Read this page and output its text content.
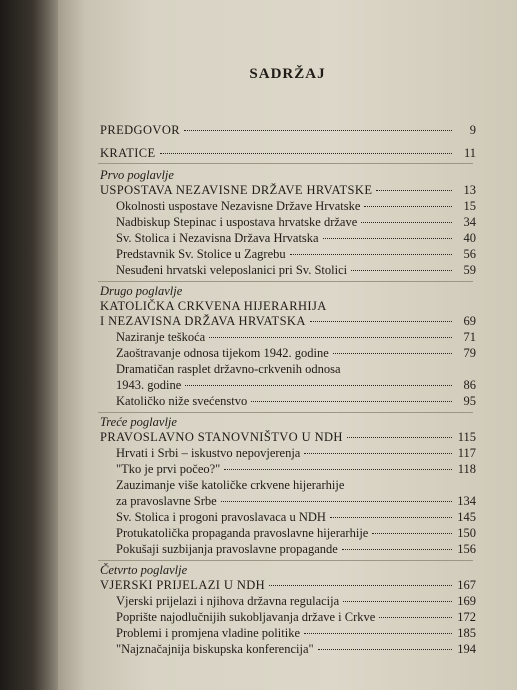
SADRŽAJ
PREDGOVOR	9
KRATICE	11
Prvo poglavlje
USPOSTAVA NEZAVISNE DRŽAVE HRVATSKE	13
Okolnosti uspostave Nezavisne Države Hrvatske	15
Nadbiskup Stepinac i uspostava hrvatske države	34
Sv. Stolica i Nezavisna Država Hrvatska	40
Predstavnik Sv. Stolice u Zagrebu	56
Nesuđeni hrvatski veleposlanici pri Sv. Stolici	59
Drugo poglavlje
KATOLIČKA CRKVENA HIJERARHIJA
I NEZAVISNA DRŽAVA HRVATSKA	69
Naziranje teškoća	71
Zaoštravanje odnosa tijekom 1942. godine	79
Dramatičan rasplet državno-crkvenih odnosa
1943. godine	86
Katoličko niže svećenstvo	95
Treće poglavlje
PRAVOSLAVNO STANOVNIŠTVO U NDH	115
Hrvati i Srbi – iskustvo nepovjerenja	117
"Tko je prvi počeo?"	118
Zauzimanje više katoličke crkvene hijerarhije
za pravoslavne Srbe	134
Sv. Stolica i progoni pravoslavaca u NDH	145
Protukatolička propaganda pravoslavne hijerarhije	150
Pokušaji suzbijanja pravoslavne propagande	156
Četvrto poglavlje
VJERSKI PRIJELAZI U NDH	167
Vjerski prijelazi i njihova državna regulacija	169
Poprište najodlučnijih sukobljavanja države i Crkve	172
Problemi i promjena vladine politike	185
"Najznačajnija biskupska konferencija"	194
